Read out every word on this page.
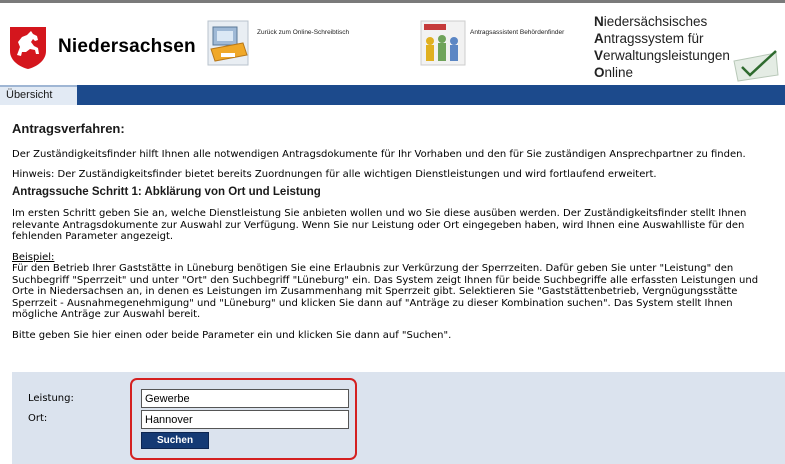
Niedersachsen
Zurück zum Online-Schreibtisch	Antragsassistent Behördenfinder
Niedersächsisches
Antragssystem für
Verwaltungsleistungen
Online
Übersicht
Antragsverfahren:
Der Zuständigkeitsfinder hilft Ihnen alle notwendigen Antragsdokumente für Ihr Vorhaben und den für Sie zuständigen Ansprechpartner zu finden.
Hinweis: Der Zuständigkeitsfinder bietet bereits Zuordnungen für alle wichtigen Dienstleistungen und wird fortlaufend erweitert.
Antragssuche Schritt 1: Abklärung von Ort und Leistung
Im ersten Schritt geben Sie an, welche Dienstleistung Sie anbieten wollen und wo Sie diese ausüben werden. Der Zuständigkeitsfinder stellt Ihnen relevante Antragsdokumente zur Auswahl zur Verfügung. Wenn Sie nur Leistung oder Ort eingegeben haben, wird Ihnen eine Auswahlliste für den fehlenden Parameter angezeigt.
Beispiel:
Für den Betrieb Ihrer Gaststätte in Lüneburg benötigen Sie eine Erlaubnis zur Verkürzung der Sperrzeiten. Dafür geben Sie unter "Leistung" den Suchbegriff "Sperrzeit" und unter "Ort" den Suchbegriff "Lüneburg" ein. Das System zeigt Ihnen für beide Suchbegriffe alle erfassten Leistungen und Orte in Niedersachsen an, in denen es Leistungen im Zusammenhang mit Sperrzeit gibt. Selektieren Sie "Gaststättenbetrieb, Vergnügungsstätte Sperrzeit - Ausnahmegenehmigung" und "Lüneburg" und klicken Sie dann auf "Anträge zu dieser Kombination suchen". Das System stellt Ihnen mögliche Anträge zur Auswahl bereit.
Bitte geben Sie hier einen oder beide Parameter ein und klicken Sie dann auf "Suchen".
Leistung:
Ort:
Gewerbe
Hannover
Suchen
